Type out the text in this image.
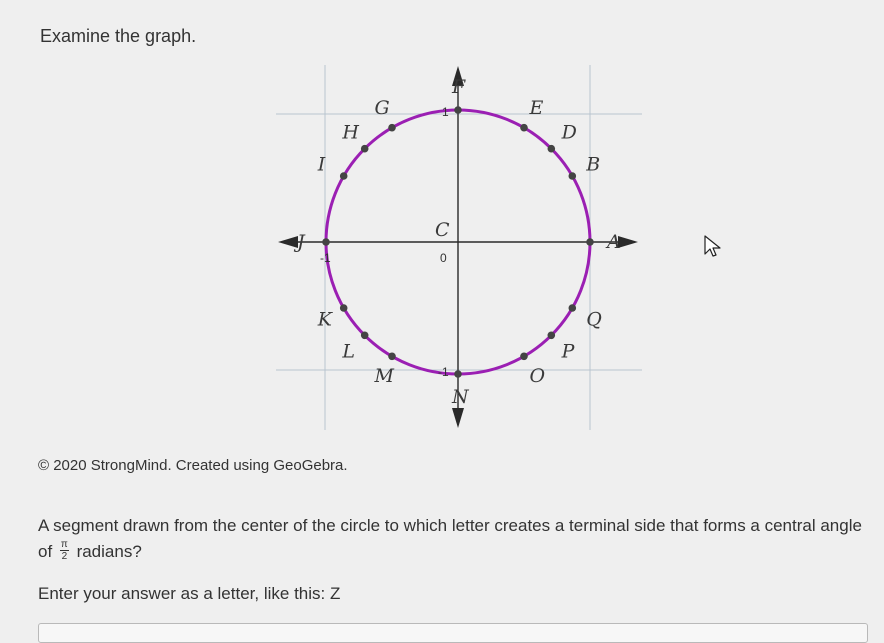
Examine the graph.
0
1
-1
-1
C
A
B
D
E
F
G
H
I
J
K
L
M
N
O
P
Q
© 2020 StrongMind. Created using GeoGebra.
A segment drawn from the center of the circle to which letter creates a terminal side that forms a central angle of $\frac{\pi}{2}$ radians?
Enter your answer as a letter, like this: Z
